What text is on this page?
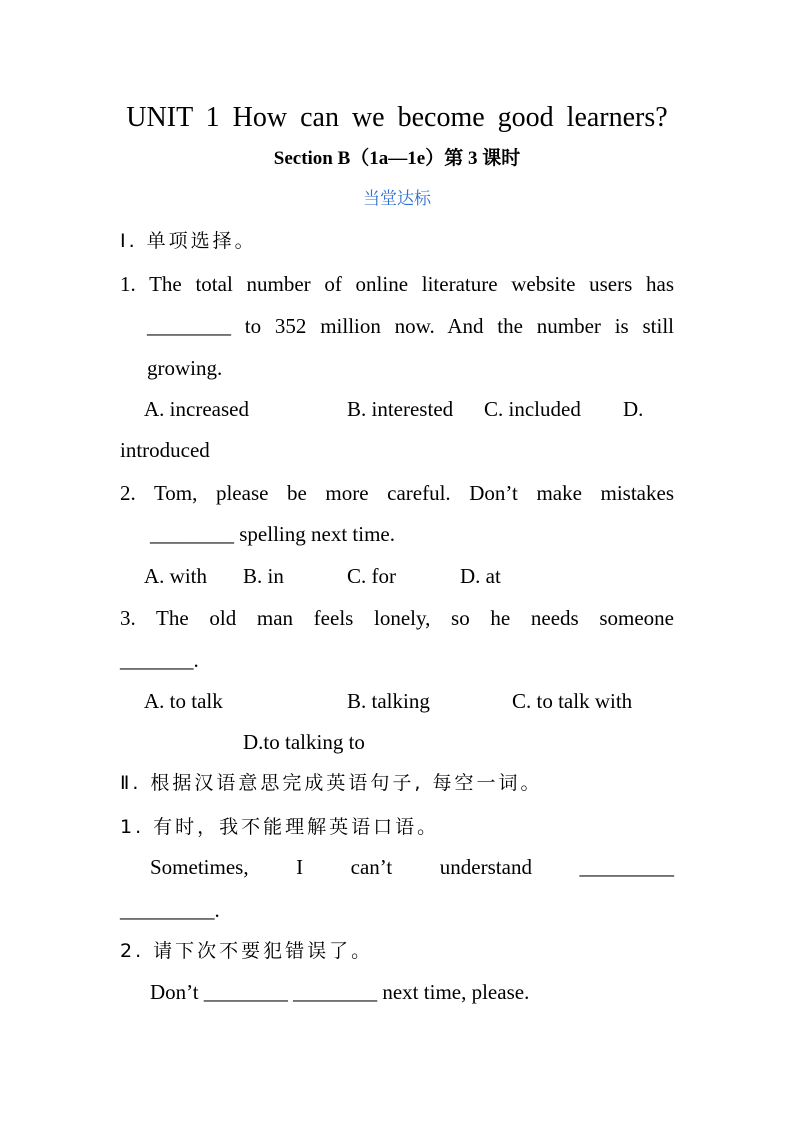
UNIT 1 How can we become good learners?
Section B（1a—1e）第 3 课时
当堂达标
Ⅰ. 单项选择。
1. The total number of online literature website users has
________ to 352 million now. And the number is still
growing.
A. increased	B. interested C. included D.
introduced
2. Tom, please be more careful. Don’t make mistakes
________ spelling next time.
A. with B. in	C. for	D. at
3. The old man feels lonely, so he needs someone
_______.
A. to talk	B. talking	C. to talk with
D.to talking to
Ⅱ. 根据汉语意思完成英语句子, 每空一词。
1. 有时，我不能理解英语口语。
Sometimes, I can’t understand _________
_________.
2. 请下次不要犯错误了。
Don’t ________ ________ next time, please.
